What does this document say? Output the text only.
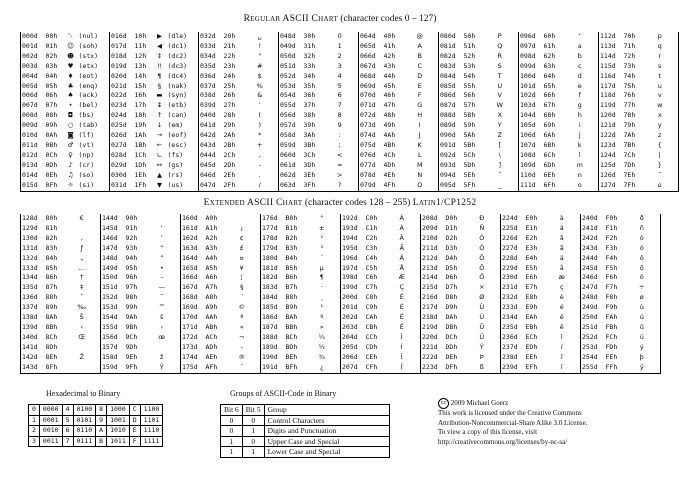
Regular ASCII Chart (character codes 0 – 127)
000d	00h	␀	(nul)	016d	10h	▶	(dle)	032d	20h	␣	048d	30h	0	064d	40h	@	080d	50h	P	096d	60h	‘	112d	70h	p
001d	01h	☺	(soh)	017d	11h	◀	(dc1)	033d	21h	!	049d	31h	1	065d	41h	A	081d	51h	Q	097d	61h	a	113d	71h	q
002d	02h	☻	(stx)	018d	12h	↕	(dc2)	034d	22h	"	050d	32h	2	066d	42h	B	082d	52h	R	098d	62h	b	114d	72h	r
003d	03h	♥	(etx)	019d	13h	‼	(dc3)	035d	23h	#	051d	33h	3	067d	43h	C	083d	53h	S	099d	63h	c	115d	73h	s
004d	04h	♦	(eot)	020d	14h	¶	(dc4)	036d	24h	$	052d	34h	4	068d	44h	D	084d	54h	T	100d	64h	d	116d	74h	t
005d	05h	♣	(enq)	021d	15h	§	(nak)	037d	25h	%	053d	35h	5	069d	45h	E	085d	55h	U	101d	65h	e	117d	75h	u
006d	06h	♠	(ack)	022d	16h	▬	(syn)	038d	26h	&	054d	36h	6	070d	46h	F	086d	56h	V	102d	66h	f	118d	76h	v
007d	07h	•	(bel)	023d	17h	↨	(etb)	039d	27h	’	055d	37h	7	071d	47h	G	087d	57h	W	103d	67h	g	119d	77h	w
008d	08h	◘	(bs)	024d	18h	↑	(can)	040d	28h	(	056d	38h	8	072d	48h	H	088d	58h	X	104d	68h	h	120d	78h	x
009d	09h	○	(tab)	025d	19h	↓	(em)	041d	29h	)	057d	39h	9	073d	49h	I	089d	59h	Y	105d	69h	i	121d	79h	y
010d	0Ah	◙	(lf)	026d	1Ah	→	(eof)	042d	2Ah	*	058d	3Ah	:	074d	4Ah	J	090d	5Ah	Z	106d	6Ah	j	122d	7Ah	z
011d	0Bh	♂	(vt)	027d	1Bh	←	(esc)	043d	2Bh	+	059d	3Bh	;	075d	4Bh	K	091d	5Bh	[	107d	6Bh	k	123d	7Bh	{
012d	0Ch	♀	(np)	028d	1Ch	∟	(fs)	044d	2Ch	,	060d	3Ch	<	076d	4Ch	L	092d	5Ch	\	108d	6Ch	l	124d	7Ch	|
013d	0Dh	♪	(cr)	029d	1Dh	↔	(gs)	045d	2Dh	-	061d	3Dh	=	077d	4Dh	M	093d	5Dh	]	109d	6Dh	m	125d	7Dh	}
014d	0Eh	♫	(so)	030d	1Eh	▲	(rs)	046d	2Eh	.	062d	3Eh	>	078d	4Eh	N	094d	5Eh	ˆ	110d	6Eh	n	126d	7Eh	˜
015d	0Fh	☼	(si)	031d	1Fh	▼	(us)	047d	2Fh	/	063d	3Fh	?	079d	4Fh	O	095d	5Fh	_	111d	6Fh	o	127d	7Fh	⌂
Extended ASCII Chart (character codes 128 – 255) Latin1/CP1252
128d	80h	€	144d	90h		160d	A0h		176d	B0h	°	192d	C0h	À	208d	D0h	Ð	224d	E0h	à	240d	F0h	ð
129d	81h		145d	91h	‘	161d	A1h	¡	177d	B1h	±	193d	C1h	Á	209d	D1h	Ñ	225d	E1h	á	241d	F1h	ñ
130d	82h	‚	146d	92h	’	162d	A2h	¢	178d	B2h	²	194d	C2h	Â	210d	D2h	Ò	226d	E2h	â	242d	F2h	ò
131d	83h	ƒ	147d	93h	“	163d	A3h	£	179d	B3h	³	195d	C3h	Ã	211d	D3h	Ó	227d	E3h	ã	243d	F3h	ó
132d	84h	„	148d	94h	”	164d	A4h	¤	180d	B4h	´	196d	C4h	Ä	212d	D4h	Ô	228d	E4h	ä	244d	F4h	ô
133d	85h	…	149d	95h	•	165d	A5h	¥	181d	B5h	µ	197d	C5h	Å	213d	D5h	Õ	229d	E5h	å	245d	F5h	õ
134d	86h	†	150d	96h	–	166d	A6h	¦	182d	B6h	¶	198d	C6h	Æ	214d	D6h	Ö	230d	E6h	æ	246d	F6h	ö
135d	87h	‡	151d	97h	—	167d	A7h	§	183d	B7h	·	199d	C7h	Ç	215d	D7h	×	231d	E7h	ç	247d	F7h	÷
136d	88h	ˆ	152d	98h	˜	168d	A8h	¨	184d	B8h	¸	200d	C8h	È	216d	D8h	Ø	232d	E8h	è	248d	F8h	ø
137d	89h	‰	153d	99h	™	169d	A9h	©	185d	B9h	¹	201d	C9h	É	217d	D9h	Ù	233d	E9h	é	249d	F9h	ù
138d	8Ah	Š	154d	9Ah	š	170d	AAh	ª	186d	BAh	º	202d	CAh	Ê	218d	DAh	Ú	234d	EAh	ê	250d	FAh	ú
139d	8Bh	‹	155d	9Bh	›	171d	ABh	«	187d	BBh	»	203d	CBh	Ë	219d	DBh	Û	235d	EBh	ë	251d	FBh	û
140d	8Ch	Œ	156d	9Ch	œ	172d	ACh	¬	188d	BCh	¼	204d	CCh	Ì	220d	DCh	Ü	236d	ECh	ì	252d	FCh	ü
141d	8Dh		157d	9Dh		173d	ADh	-	189d	BDh	½	205d	CDh	Í	221d	DDh	Ý	237d	EDh	í	253d	FDh	ý
142d	8Eh	Ž	158d	9Eh	ž	174d	AEh	®	190d	BEh	¾	206d	CEh	Î	222d	DEh	Þ	238d	EEh	î	254d	FEh	þ
143d	8Fh		159d	9Fh	Ÿ	175d	AFh	¯	191d	BFh	¿	207d	CFh	Ï	223d	DFh	ß	239d	EFh	ï	255d	FFh	ÿ
Hexadecimal to Binary
0	0000	4	0100	8	1000	C	1100
1	0001	5	0101	9	1001	D	1101
2	0010	6	0110	A	1010	E	1110
3	0011	7	0111	B	1011	F	1111
Groups of ASCII-Code in Binary
Bit 6	Bit 5	Group
0	0	Control Characters
0	1	Digits and Punctuation
1	0	Upper Case and Special
1	1	Lower Case and Special
cc 2009 Michael Goerz
This work is licensed under the Creative Commons
Attribution-Noncommercial-Share Alike 3.0 License.
To view a copy of this license, visit
http://creativecommons.org/licenses/by-nc-sa/
